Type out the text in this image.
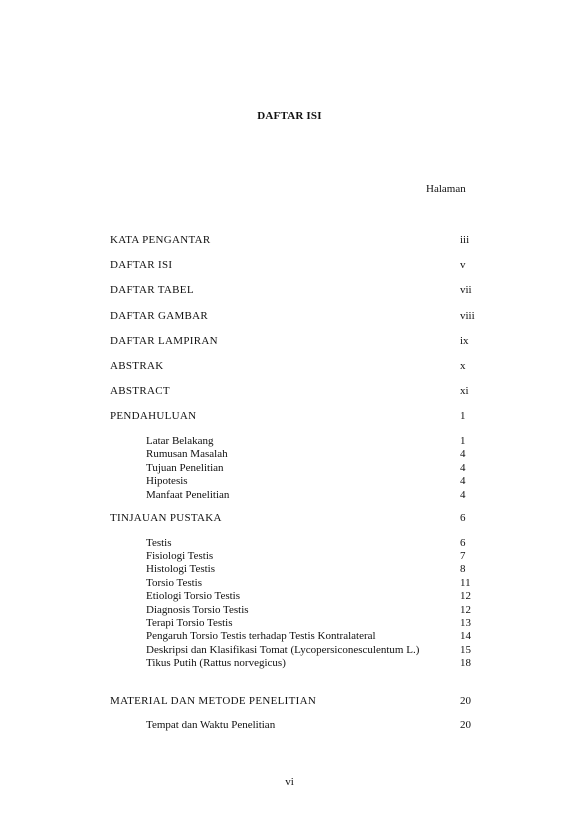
DAFTAR ISI
Halaman
KATA PENGANTAR	iii
DAFTAR ISI	v
DAFTAR TABEL	vii
DAFTAR GAMBAR	viii
DAFTAR LAMPIRAN	ix
ABSTRAK	x
ABSTRACT	xi
PENDAHULUAN	1
Latar Belakang	1
Rumusan Masalah	4
Tujuan Penelitian	4
Hipotesis	4
Manfaat Penelitian	4
TINJAUAN PUSTAKA	6
Testis	6
Fisiologi Testis	7
Histologi Testis	8
Torsio Testis	11
Etiologi Torsio Testis	12
Diagnosis Torsio Testis	12
Terapi Torsio Testis	13
Pengaruh Torsio Testis terhadap Testis Kontralateral	14
Deskripsi dan Klasifikasi Tomat (Lycopersiconesculentum L.)	15
Tikus Putih (Rattus norvegicus)	18
MATERIAL DAN METODE PENELITIAN	20
Tempat dan Waktu Penelitian	20
vi
